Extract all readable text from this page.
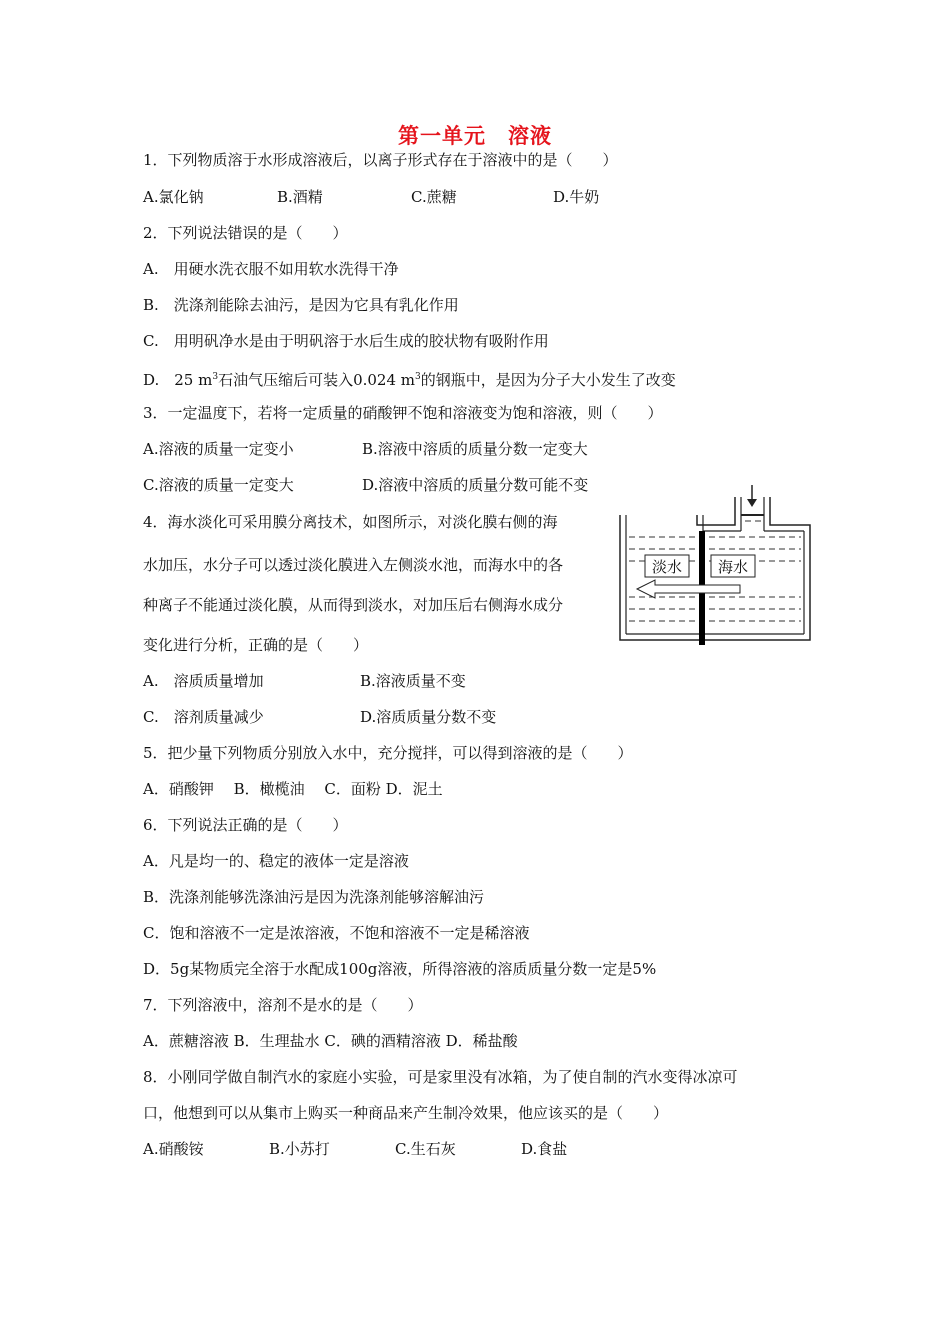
第一单元　溶液
1．下列物质溶于水形成溶液后，以离子形式存在于溶液中的是（　　）
A.氯化钠	B.酒精	C.蔗糖	D.牛奶
2．下列说法错误的是（　　）
A.　用硬水洗衣服不如用软水洗得干净
B.　洗涤剂能除去油污，是因为它具有乳化作用
C.　用明矾净水是由于明矾溶于水后生成的胶状物有吸附作用
D.　25 $m^3$石油气压缩后可装入0.024 $m^3$的钢瓶中，是因为分子大小发生了改变
3．一定温度下，若将一定质量的硝酸钾不饱和溶液变为饱和溶液，则（　　）
A.溶液的质量一定变小	B.溶液中溶质的质量分数一定变大
C.溶液的质量一定变大	D.溶液中溶质的质量分数可能不变
4．海水淡化可采用膜分离技术，如图所示，对淡化膜右侧的海
水加压，水分子可以透过淡化膜进入左侧淡水池，而海水中的各
种离子不能通过淡化膜，从而得到淡水，对加压后右侧海水成分
变化进行分析，正确的是（　　）
A.　溶质质量增加	B.溶液质量不变
C.　溶剂质量减少	D.溶质质量分数不变
淡水 海水
5．把少量下列物质分别放入水中，充分搅拌，可以得到溶液的是（　　）
A．硝酸钾　 B．橄榄油　 C．面粉 D．泥土
6．下列说法正确的是（　　）
A．凡是均一的、稳定的液体一定是溶液
B．洗涤剂能够洗涤油污是因为洗涤剂能够溶解油污
C．饱和溶液不一定是浓溶液，不饱和溶液不一定是稀溶液
D．5g某物质完全溶于水配成100g溶液，所得溶液的溶质质量分数一定是5%
7．下列溶液中，溶剂不是水的是（　　）
A．蔗糖溶液 B．生理盐水 C．碘的酒精溶液 D．稀盐酸
8．小刚同学做自制汽水的家庭小实验，可是家里没有冰箱，为了使自制的汽水变得冰凉可
口，他想到可以从集市上购买一种商品来产生制冷效果，他应该买的是（　　）
A.硝酸铵	B.小苏打	C.生石灰	D.食盐
